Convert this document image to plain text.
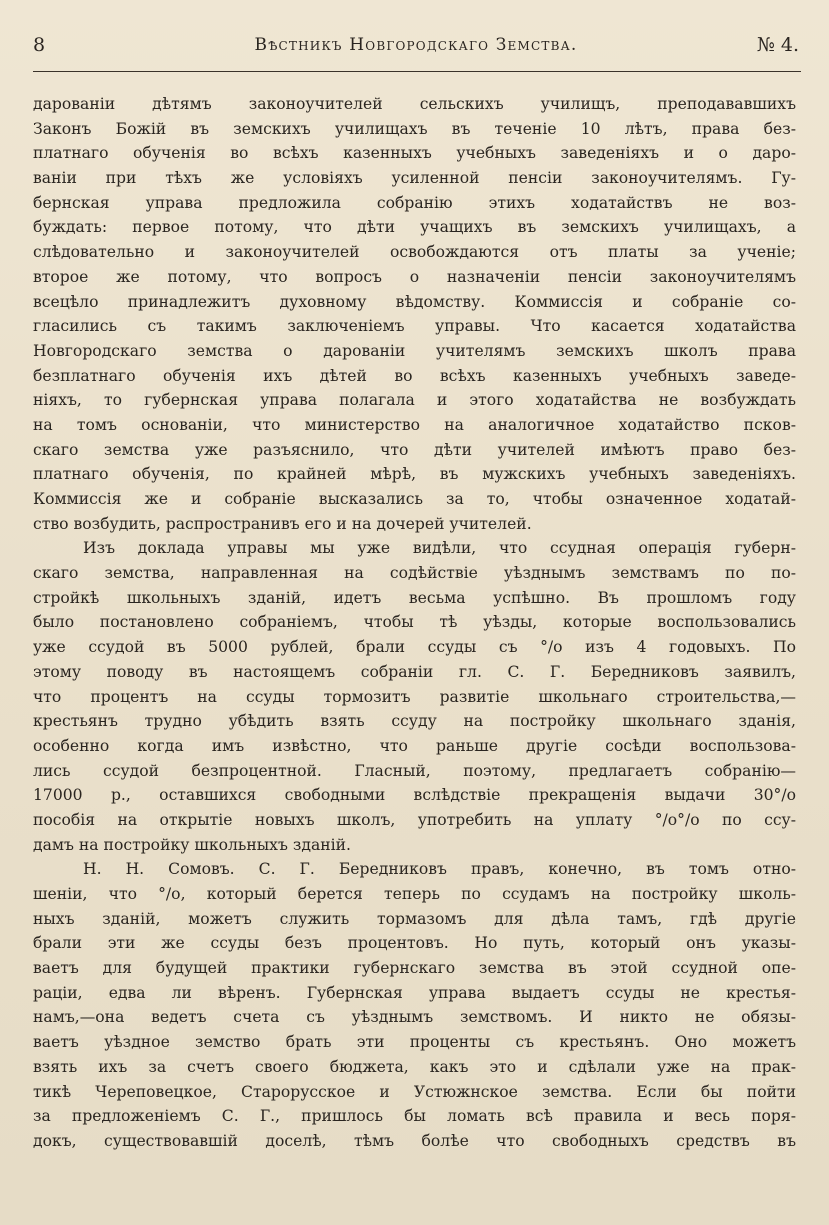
8	Вѣстникъ Новгородскаго Земства.	№ 4.
дарованіи дѣтямъ законоучителей сельскихъ училищъ, преподававшихъ
Законъ Божій въ земскихъ училищахъ въ теченіе 10 лѣтъ, права без-
платнаго обученія во всѣхъ казенныхъ учебныхъ заведеніяхъ и о даро-
ваніи при тѣхъ же условіяхъ усиленной пенсіи законоучителямъ. Гу-
бернская управа предложила собранію этихъ ходатайствъ не воз-
буждать: первое потому, что дѣти учащихъ въ земскихъ училищахъ, а
слѣдовательно и законоучителей освобождаются отъ платы за ученіе;
второе же потому, что вопросъ о назначеніи пенсіи законоучителямъ
всецѣло принадлежитъ духовному вѣдомству. Коммиссія и собраніе со-
гласились съ такимъ заключеніемъ управы. Что касается ходатайства
Новгородскаго земства о дарованіи учителямъ земскихъ школъ права
безплатнаго обученія ихъ дѣтей во всѣхъ казенныхъ учебныхъ заведе-
ніяхъ, то губернская управа полагала и этого ходатайства не возбуждать
на томъ основаніи, что министерство на аналогичное ходатайство псков-
скаго земства уже разъяснило, что дѣти учителей имѣютъ право без-
платнаго обученія, по крайней мѣрѣ, въ мужскихъ учебныхъ заведеніяхъ.
Коммиссія же и собраніе высказались за то, чтобы означенное ходатай-
ство возбудить, распространивъ его и на дочерей учителей.
Изъ доклада управы мы уже видѣли, что ссудная операція губерн-
скаго земства, направленная на содѣйствіе уѣзднымъ земствамъ по по-
стройкѣ школьныхъ зданій, идетъ весьма успѣшно. Въ прошломъ году
было постановлено собраніемъ, чтобы тѣ уѣзды, которые воспользовались
уже ссудой въ 5000 рублей, брали ссуды съ °/о изъ 4 годовыхъ. По
этому поводу въ настоящемъ собраніи гл. С. Г. Бередниковъ заявилъ,
что процентъ на ссуды тормозитъ развитіе школьнаго строительства,—
крестьянъ трудно убѣдить взять ссуду на постройку школьнаго зданія,
особенно когда имъ извѣстно, что раньше другіе сосѣди воспользова-
лись ссудой безпроцентной. Гласный, поэтому, предлагаетъ собранію—
17000 р., оставшихся свободными вслѣдствіе прекращенія выдачи 30°/о
пособія на открытіе новыхъ школъ, употребить на уплату °/о°/о по ссу-
дамъ на постройку школьныхъ зданій.
Н. Н. Сомовъ. С. Г. Бередниковъ правъ, конечно, въ томъ отно-
шеніи, что °/о, который берется теперь по ссудамъ на постройку школь-
ныхъ зданій, можетъ служить тормазомъ для дѣла тамъ, гдѣ другіе
брали эти же ссуды безъ процентовъ. Но путь, который онъ указы-
ваетъ для будущей практики губернскаго земства въ этой ссудной опе-
раціи, едва ли вѣренъ. Губернская управа выдаетъ ссуды не крестья-
намъ,—она ведетъ счета съ уѣзднымъ земствомъ. И никто не обязы-
ваетъ уѣздное земство брать эти проценты съ крестьянъ. Оно можетъ
взять ихъ за счетъ своего бюджета, какъ это и сдѣлали уже на прак-
тикѣ Череповецкое, Старорусское и Устюжнское земства. Если бы пойти
за предложеніемъ С. Г., пришлось бы ломать всѣ правила и весь поря-
докъ, существовавшій доселѣ, тѣмъ болѣе что свободныхъ средствъ въ
